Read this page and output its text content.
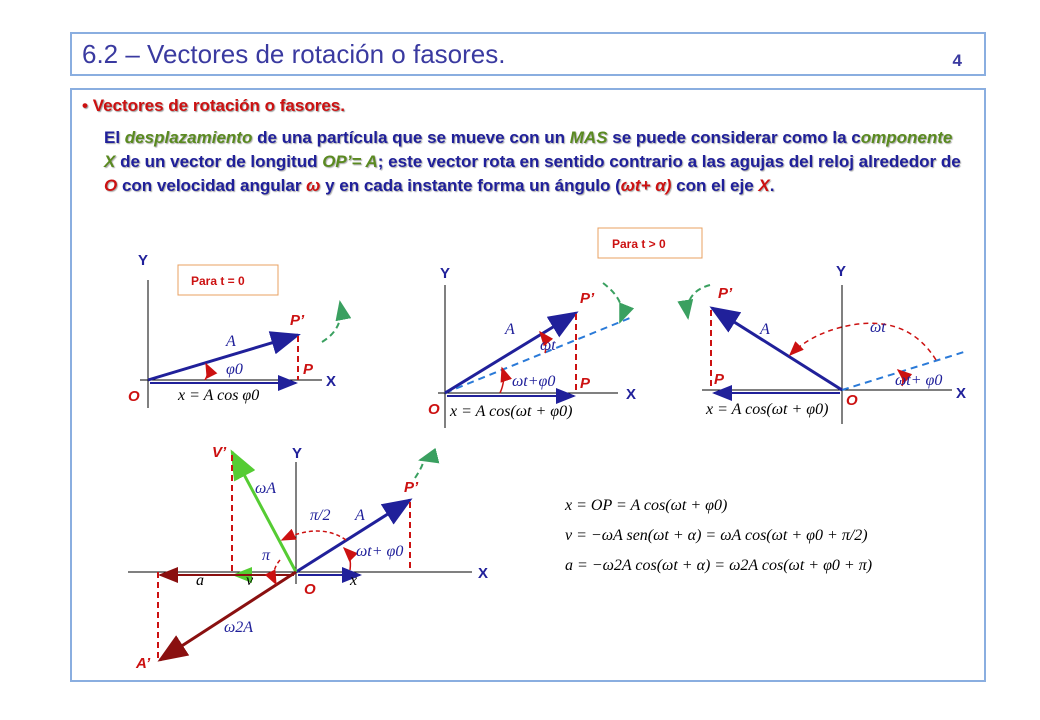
6.2 – Vectores de rotación o fasores.	4
• Vectores de rotación o fasores.
El desplazamiento de una partícula que se mueve con un MAS se puede considerar como la componente X de un vector de longitud OP’= A; este vector rota en sentido contrario a las agujas del reloj alrededor de O con velocidad angular ω y en cada instante forma un ángulo (ωt+ α) con el eje X.
Para t = 0
Y
X
O
A
φ0
P’
P
x = A cos φ0
Para t > 0
Y
X
O
A
ωt
ωt+φ0
P’
P
x = A cos(ωt + φ0)
Y
X
O
A	ωt
ωt+ φ0
P’
P
x = A cos(ωt + φ0)
Y
X
O
P’
V’
A’
A
ωA
ω2A
π/2
π	ωt+ φ0
a	v	x
x = OP = A cos(ωt + φ0)
v = −ωA sen(ωt + α) = ωA cos(ωt + φ0 + π/2)
a = −ω2A cos(ωt + α) = ω2A cos(ωt + φ0 + π)
